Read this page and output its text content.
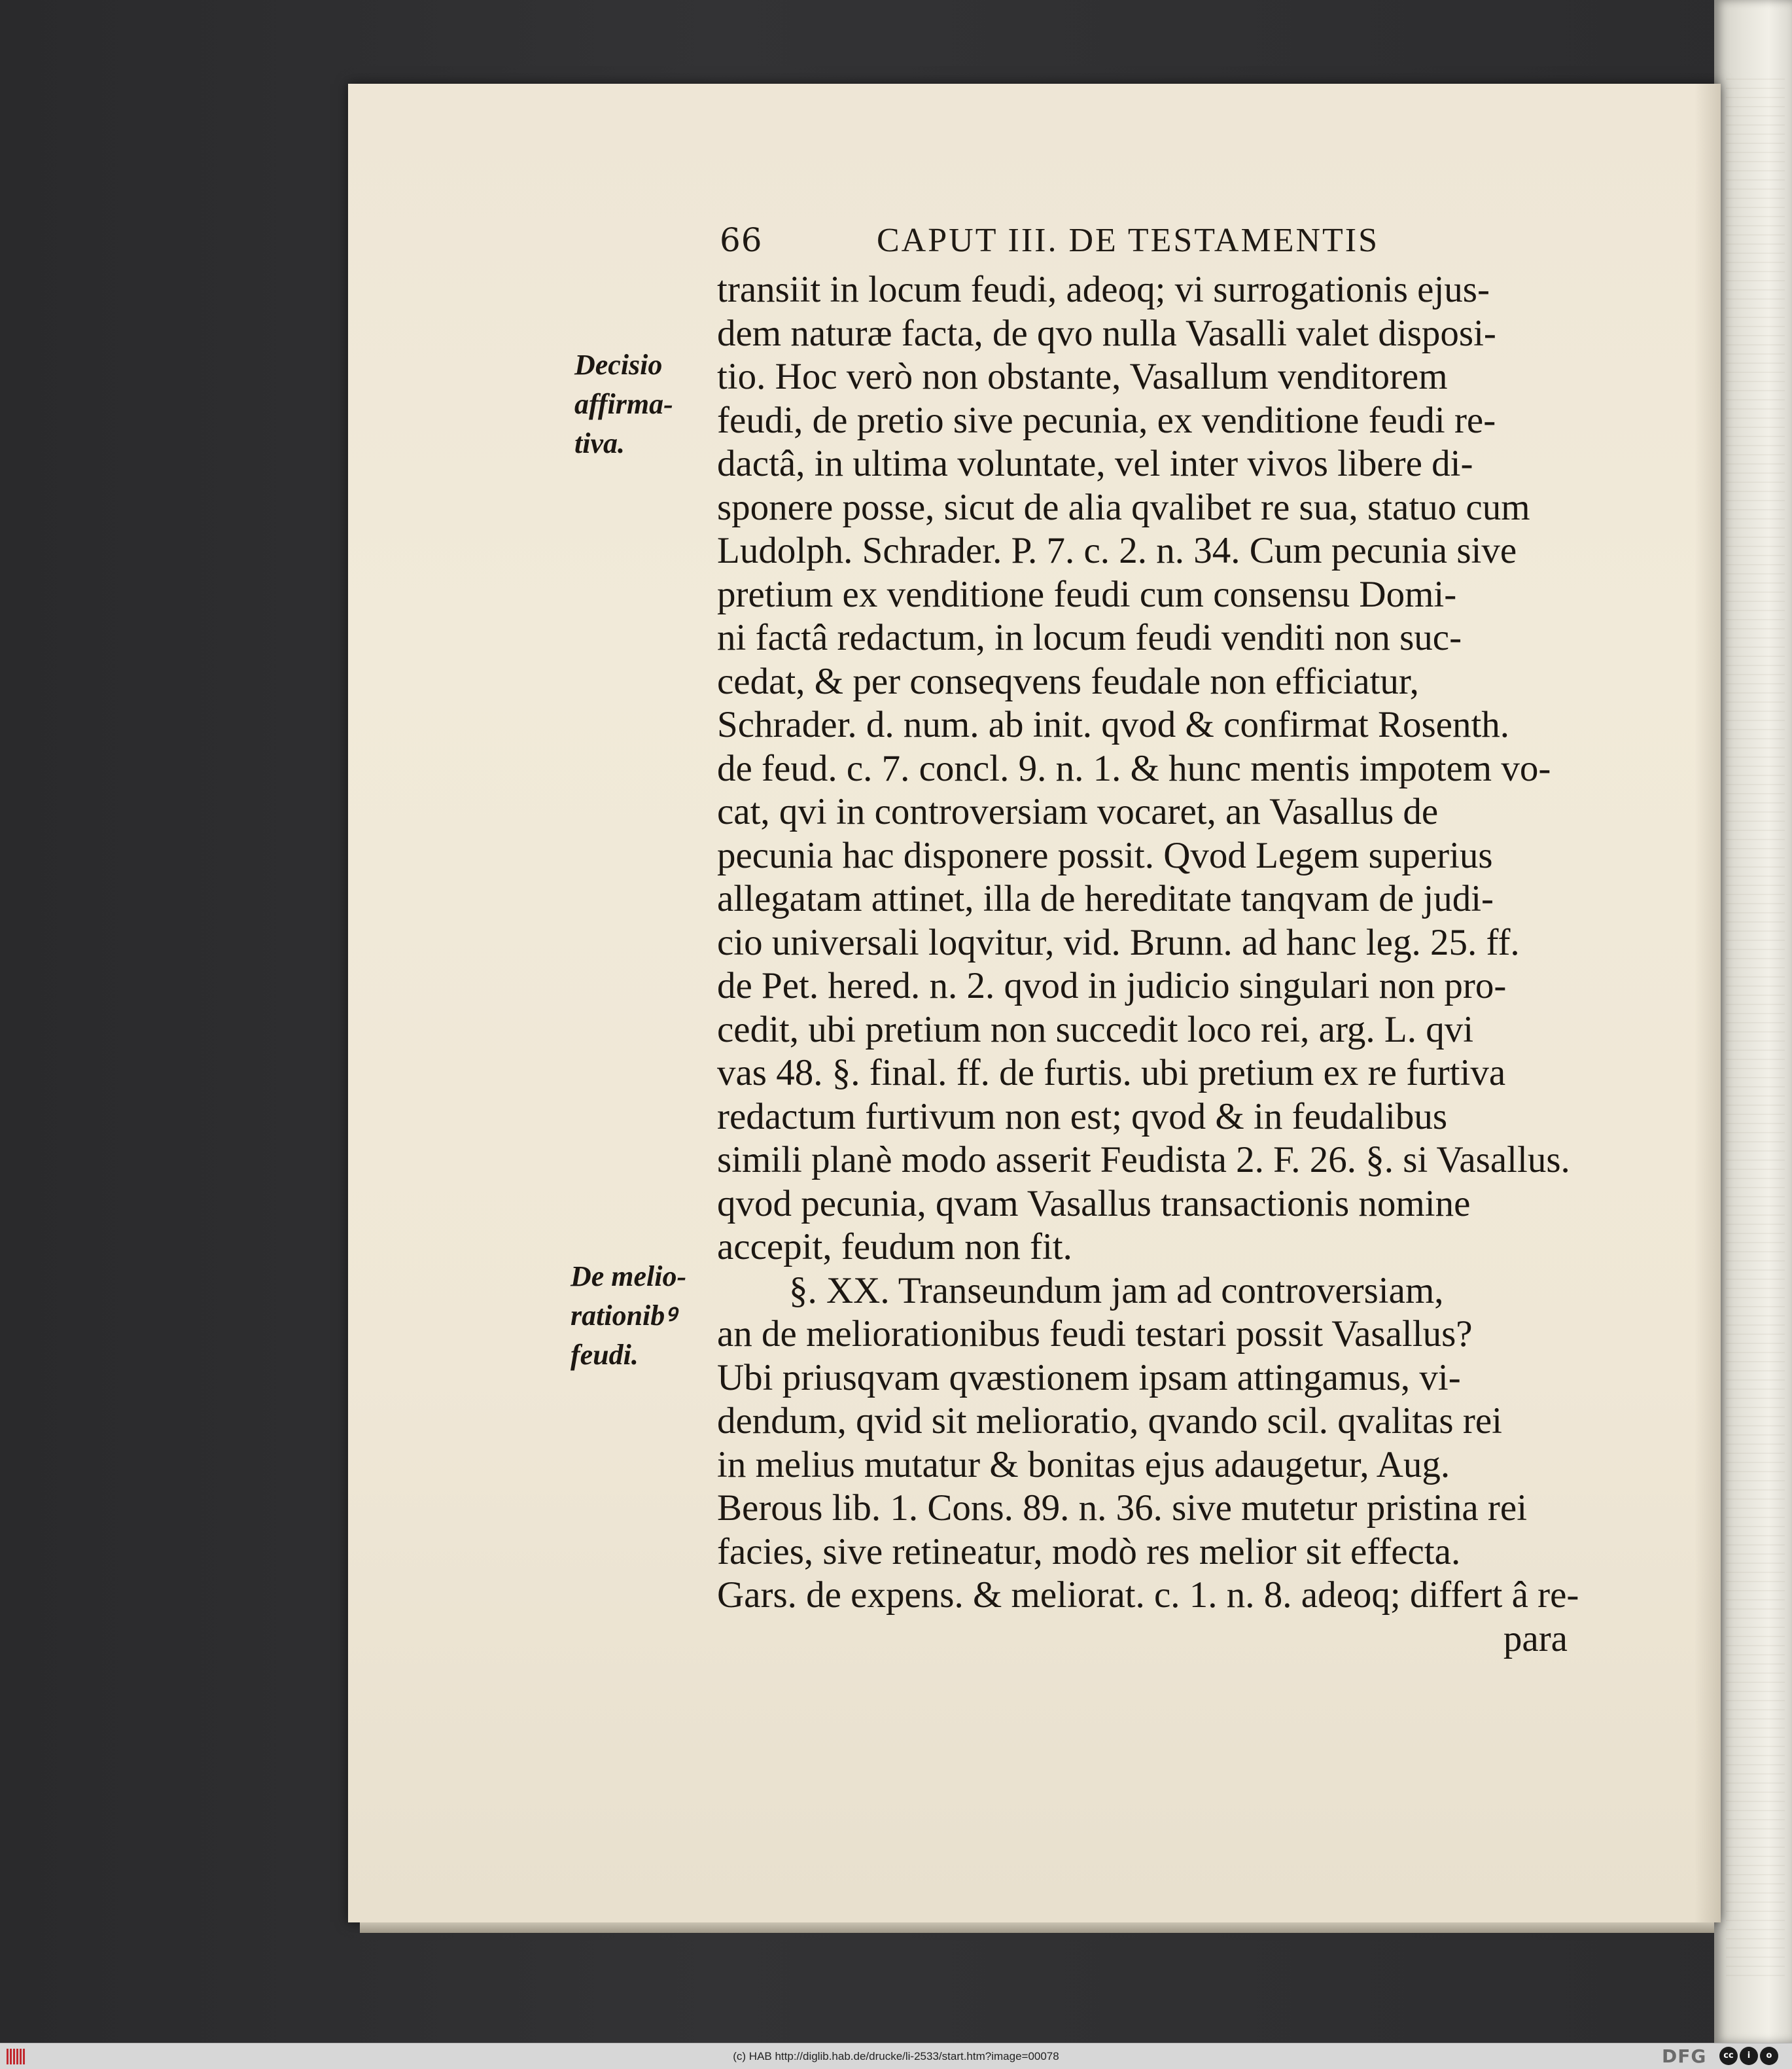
66	CAPUT III. DE TESTAMENTIS
Decisio
affirma-
tiva.
De melio-
rationibꝰ
feudi.
transiit in locum feudi, adeoq; vi surrogationis ejus-
dem naturæ facta, de qvo nulla Vasalli valet disposi-
tio. Hoc verò non obstante, Vasallum venditorem
feudi, de pretio sive pecunia, ex venditione feudi re-
dactâ, in ultima voluntate, vel inter vivos libere di-
sponere posse, sicut de alia qvalibet re sua, statuo cum
Ludolph. Schrader. P. 7. c. 2. n. 34. Cum pecunia sive
pretium ex venditione feudi cum consensu Domi-
ni factâ redactum, in locum feudi venditi non suc-
cedat, & per conseqvens feudale non efficiatur,
Schrader. d. num. ab init. qvod & confirmat Rosenth.
de feud. c. 7. concl. 9. n. 1. & hunc mentis impotem vo-
cat, qvi in controversiam vocaret, an Vasallus de
pecunia hac disponere possit. Qvod Legem superius
allegatam attinet, illa de hereditate tanqvam de judi-
cio universali loqvitur, vid. Brunn. ad hanc leg. 25. ff.
de Pet. hered. n. 2. qvod in judicio singulari non pro-
cedit, ubi pretium non succedit loco rei, arg. L. qvi
vas 48. §. final. ff. de furtis. ubi pretium ex re furtiva
redactum furtivum non est; qvod & in feudalibus
simili planè modo asserit Feudista 2. F. 26. §. si Vasallus.
qvod pecunia, qvam Vasallus transactionis nomine
accepit, feudum non fit.
§. XX. Transeundum jam ad controversiam,
an de meliorationibus feudi testari possit Vasallus?
Ubi priusqvam qvæstionem ipsam attingamus, vi-
dendum, qvid sit melioratio, qvando scil. qvalitas rei
in melius mutatur & bonitas ejus adaugetur, Aug.
Berous lib. 1. Cons. 89. n. 36. sive mutetur pristina rei
facies, sive retineatur, modò res melior sit effecta.
Gars. de expens. & meliorat. c. 1. n. 8. adeoq; differt â re-
para
(c) HAB http://diglib.hab.de/drucke/li-2533/start.htm?image=00078	DFG	cc	i	o
